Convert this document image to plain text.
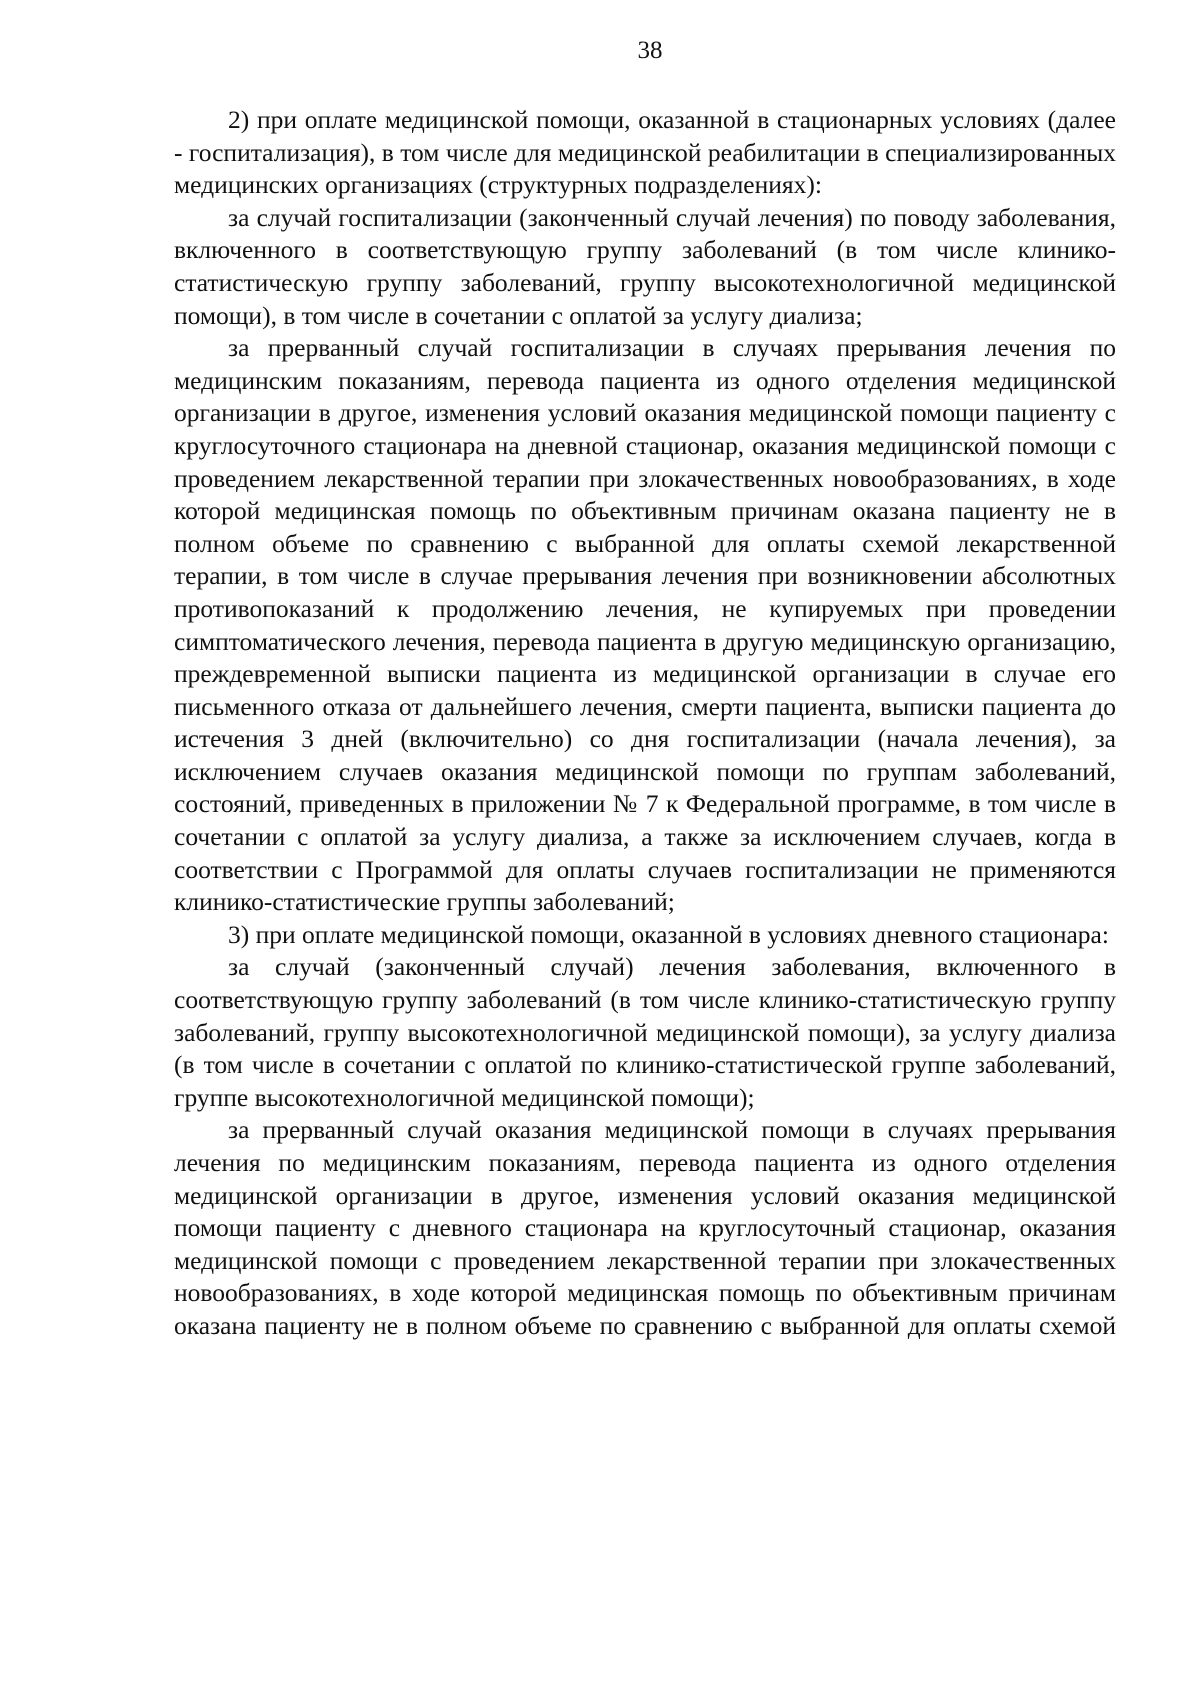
38

2) при оплате медицинской помощи, оказанной в стационарных условиях (далее - госпитализация), в том числе для медицинской реабилитации в специализированных медицинских организациях (структурных подразделениях):

за случай госпитализации (законченный случай лечения) по поводу заболевания, включенного в соответствующую группу заболеваний (в том числе клинико-статистическую группу заболеваний, группу высокотехнологичной медицинской помощи), в том числе в сочетании с оплатой за услугу диализа;

за прерванный случай госпитализации в случаях прерывания лечения по медицинским показаниям, перевода пациента из одного отделения медицинской организации в другое, изменения условий оказания медицинской помощи пациенту с круглосуточного стационара на дневной стационар, оказания медицинской помощи с проведением лекарственной терапии при злокачественных новообразованиях, в ходе которой медицинская помощь по объективным причинам оказана пациенту не в полном объеме по сравнению с выбранной для оплаты схемой лекарственной терапии, в том числе в случае прерывания лечения при возникновении абсолютных противопоказаний к продолжению лечения, не купируемых при проведении симптоматического лечения, перевода пациента в другую медицинскую организацию, преждевременной выписки пациента из медицинской организации в случае его письменного отказа от дальнейшего лечения, смерти пациента, выписки пациента до истечения 3 дней (включительно) со дня госпитализации (начала лечения), за исключением случаев оказания медицинской помощи по группам заболеваний, состояний, приведенных в приложении № 7 к Федеральной программе, в том числе в сочетании с оплатой за услугу диализа, а также за исключением случаев, когда в соответствии с Программой для оплаты случаев госпитализации не применяются клинико-статистические группы заболеваний;

3) при оплате медицинской помощи, оказанной в условиях дневного стационара:

за случай (законченный случай) лечения заболевания, включенного в соответствующую группу заболеваний (в том числе клинико-статистическую группу заболеваний, группу высокотехнологичной медицинской помощи), за услугу диализа (в том числе в сочетании с оплатой по клинико-статистической группе заболеваний, группе высокотехнологичной медицинской помощи);

за прерванный случай оказания медицинской помощи в случаях прерывания лечения по медицинским показаниям, перевода пациента из одного отделения медицинской организации в другое, изменения условий оказания медицинской помощи пациенту с дневного стационара на круглосуточный стационар, оказания медицинской помощи с проведением лекарственной терапии при злокачественных новообразованиях, в ходе которой медицинская помощь по объективным причинам оказана пациенту не в полном объеме по сравнению с выбранной для оплаты схемой
